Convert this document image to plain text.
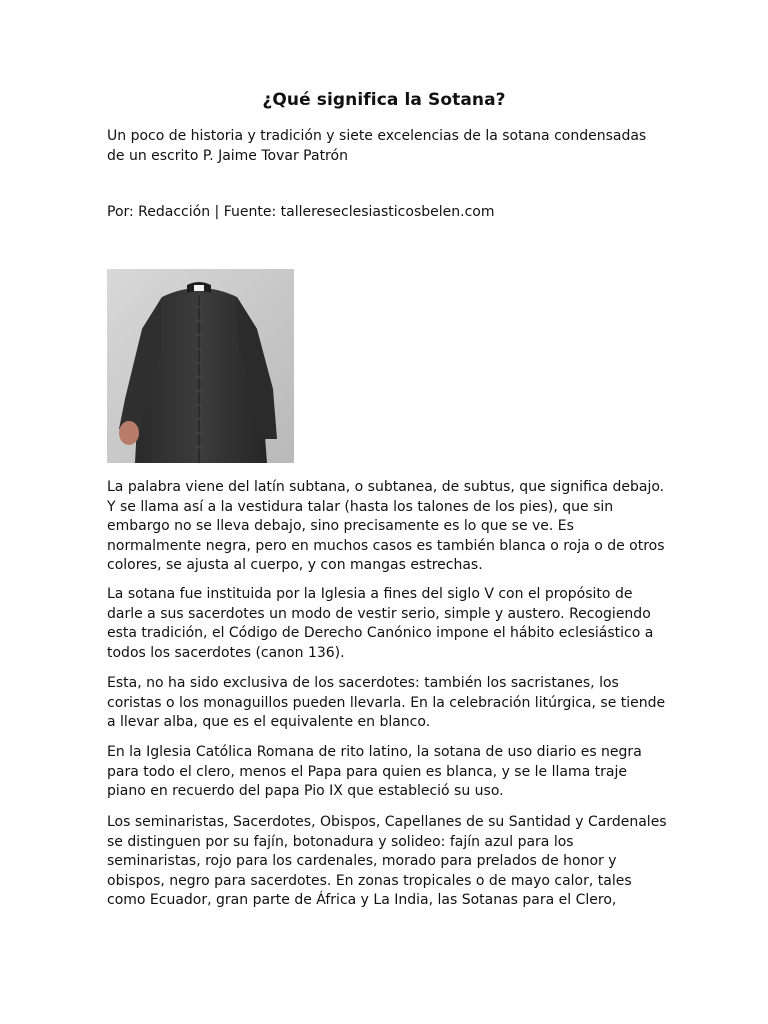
¿Qué significa la Sotana?

Un poco de historia y tradición y siete excelencias de la sotana condensadas de un escrito P. Jaime Tovar Patrón

Por: Redacción | Fuente: tallereseclesiasticosbelen.com

La palabra viene del latín subtana, o subtanea, de subtus, que significa debajo. Y se llama así a la vestidura talar (hasta los talones de los pies), que sin embargo no se lleva debajo, sino precisamente es lo que se ve. Es normalmente negra, pero en muchos casos es también blanca o roja o de otros colores, se ajusta al cuerpo, y con mangas estrechas.

La sotana fue instituida por la Iglesia a fines del siglo V con el propósito de darle a sus sacerdotes un modo de vestir serio, simple y austero. Recogiendo esta tradición, el Código de Derecho Canónico impone el hábito eclesiástico a todos los sacerdotes (canon 136).

Esta, no ha sido exclusiva de los sacerdotes: también los sacristanes, los coristas o los monaguillos pueden llevarla. En la celebración litúrgica, se tiende a llevar alba, que es el equivalente en blanco.

En la Iglesia Católica Romana de rito latino, la sotana de uso diario es negra para todo el clero, menos el Papa para quien es blanca, y se le llama traje piano en recuerdo del papa Pio IX que estableció su uso.

Los seminaristas, Sacerdotes, Obispos, Capellanes de su Santidad y Cardenales se distinguen por su fajín, botonadura y solideo: fajín azul para los seminaristas, rojo para los cardenales, morado para prelados de honor y obispos, negro para sacerdotes. En zonas tropicales o de mayo calor, tales como Ecuador, gran parte de África y La India, las Sotanas para el Clero,
